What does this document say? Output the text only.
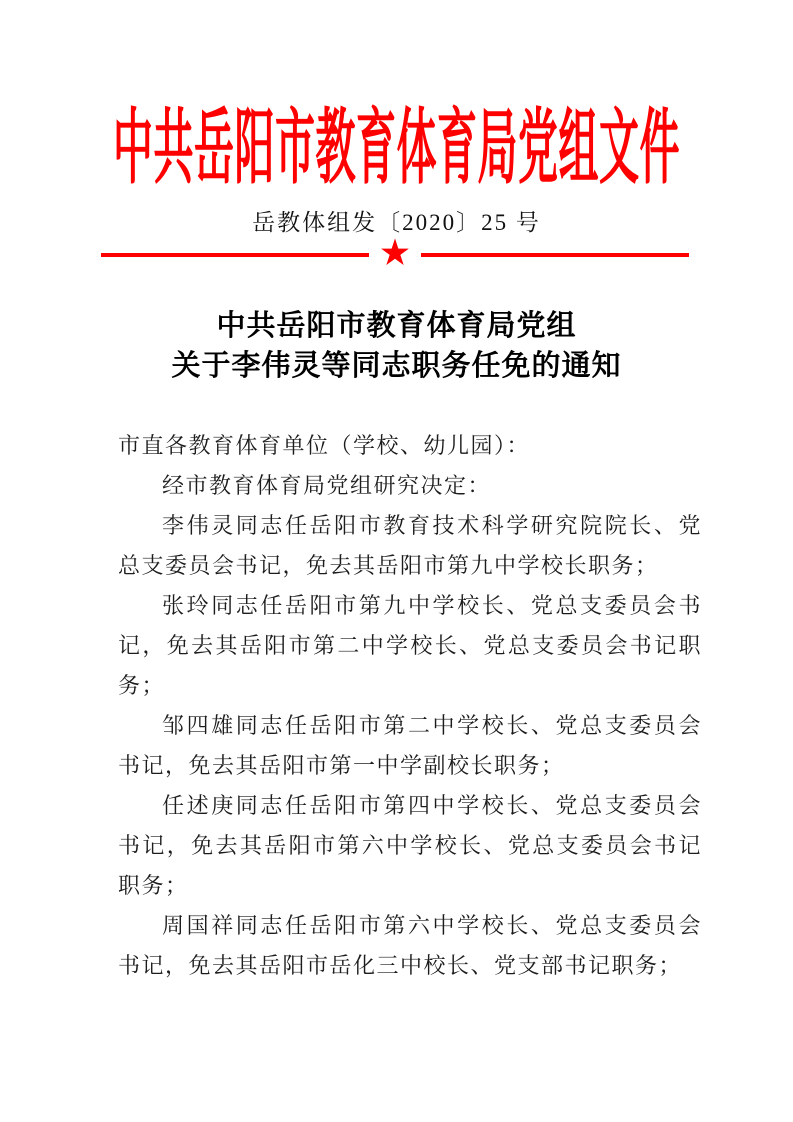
中共岳阳市教育体育局党组文件
岳教体组发〔2020〕25 号
★
中共岳阳市教育体育局党组
关于李伟灵等同志职务任免的通知

市直各教育体育单位（学校、幼儿园）：

经市教育体育局党组研究决定：

李伟灵同志任岳阳市教育技术科学研究院院长、党总支委员会书记，免去其岳阳市第九中学校长职务；

张玲同志任岳阳市第九中学校长、党总支委员会书记，免去其岳阳市第二中学校长、党总支委员会书记职务；

邹四雄同志任岳阳市第二中学校长、党总支委员会书记，免去其岳阳市第一中学副校长职务；

任述庚同志任岳阳市第四中学校长、党总支委员会书记，免去其岳阳市第六中学校长、党总支委员会书记职务；

周国祥同志任岳阳市第六中学校长、党总支委员会书记，免去其岳阳市岳化三中校长、党支部书记职务；
